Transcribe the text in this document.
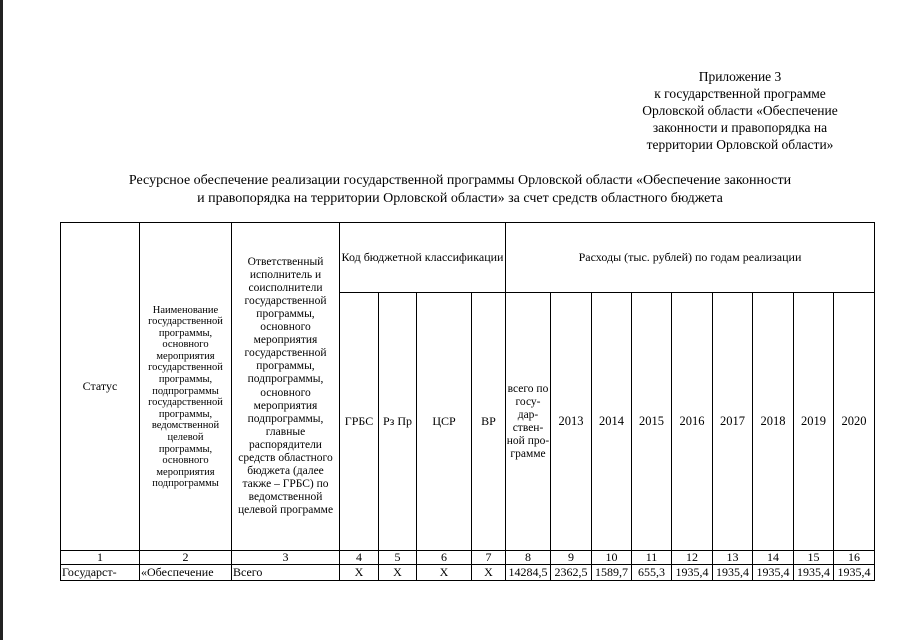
Приложение 3
к государственной программе
Орловской области «Обеспечение
законности и правопорядка на
территории Орловской области»
Ресурсное обеспечение реализации государственной программы Орловской области «Обеспечение законности
и правопорядка на территории Орловской области» за счет средств областного бюджета
Статус	Наименование государственной программы, основного мероприятия государственной программы, подпрограммы государственной программы, ведомственной целевой программы, основного мероприятия подпрограммы	Ответственный исполнитель и соисполнители государственной программы, основного мероприятия государственной программы, подпрограммы, основного мероприятия подпрограммы, главные распорядители средств областного бюджета (далее также – ГРБС) по ведомственной целевой программе	Код бюджетной классификации				Расходы (тыс. рублей) по годам реализации								
			ГРБС	Рз Пр	ЦСР	ВР	всего по госу-дар-ствен-ной про-грамме	2013	2014	2015	2016	2017	2018	2019	2020
1	2	3	4	5	6	7	8	9	10	11	12	13	14	15	16
Государст-	«Обеспечение	Всего	Х	Х	Х	Х	14284,5	2362,5	1589,7	655,3	1935,4	1935,4	1935,4	1935,4	1935,4
